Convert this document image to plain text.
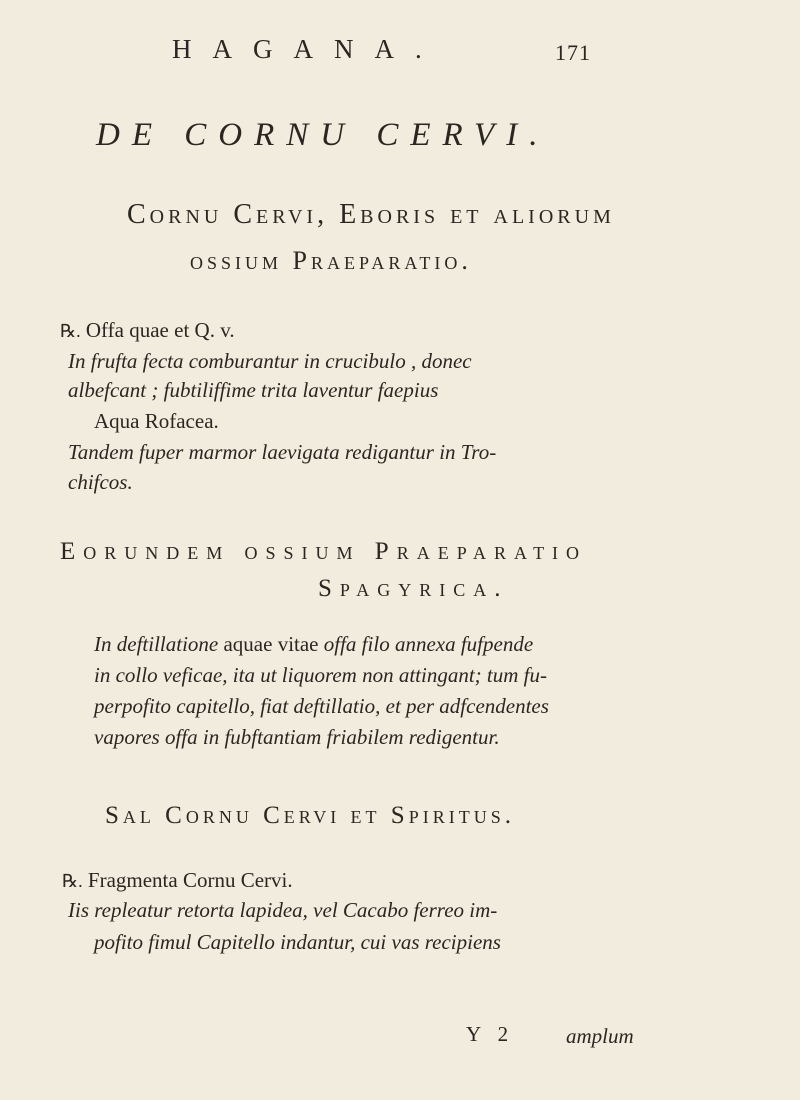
HAGANA.	171
DE CORNU CERVI.
Cornu Cervi, Eboris et aliorum
ossium Praeparatio.
℞. Offa quae et Q. v.
In frufta fecta comburantur in crucibulo , donec
albefcant ; fubtiliffime trita laventur faepius
Aqua Rofacea.
Tandem fuper marmor laevigata redigantur in Tro-
chifcos.
Eorundem ossium Praeparatio
Spagyrica.
In deftillatione aquae vitae offa filo annexa fufpende
in collo veficae, ita ut liquorem non attingant; tum fu-
perpofito capitello, fiat deftillatio, et per adfcendentes
vapores offa in fubftantiam friabilem redigentur.
Sal Cornu Cervi et Spiritus.
℞. Fragmenta Cornu Cervi.
Iis repleatur retorta lapidea, vel Cacabo ferreo im-
pofito fimul Capitello indantur, cui vas recipiens
Y 2 amplum
